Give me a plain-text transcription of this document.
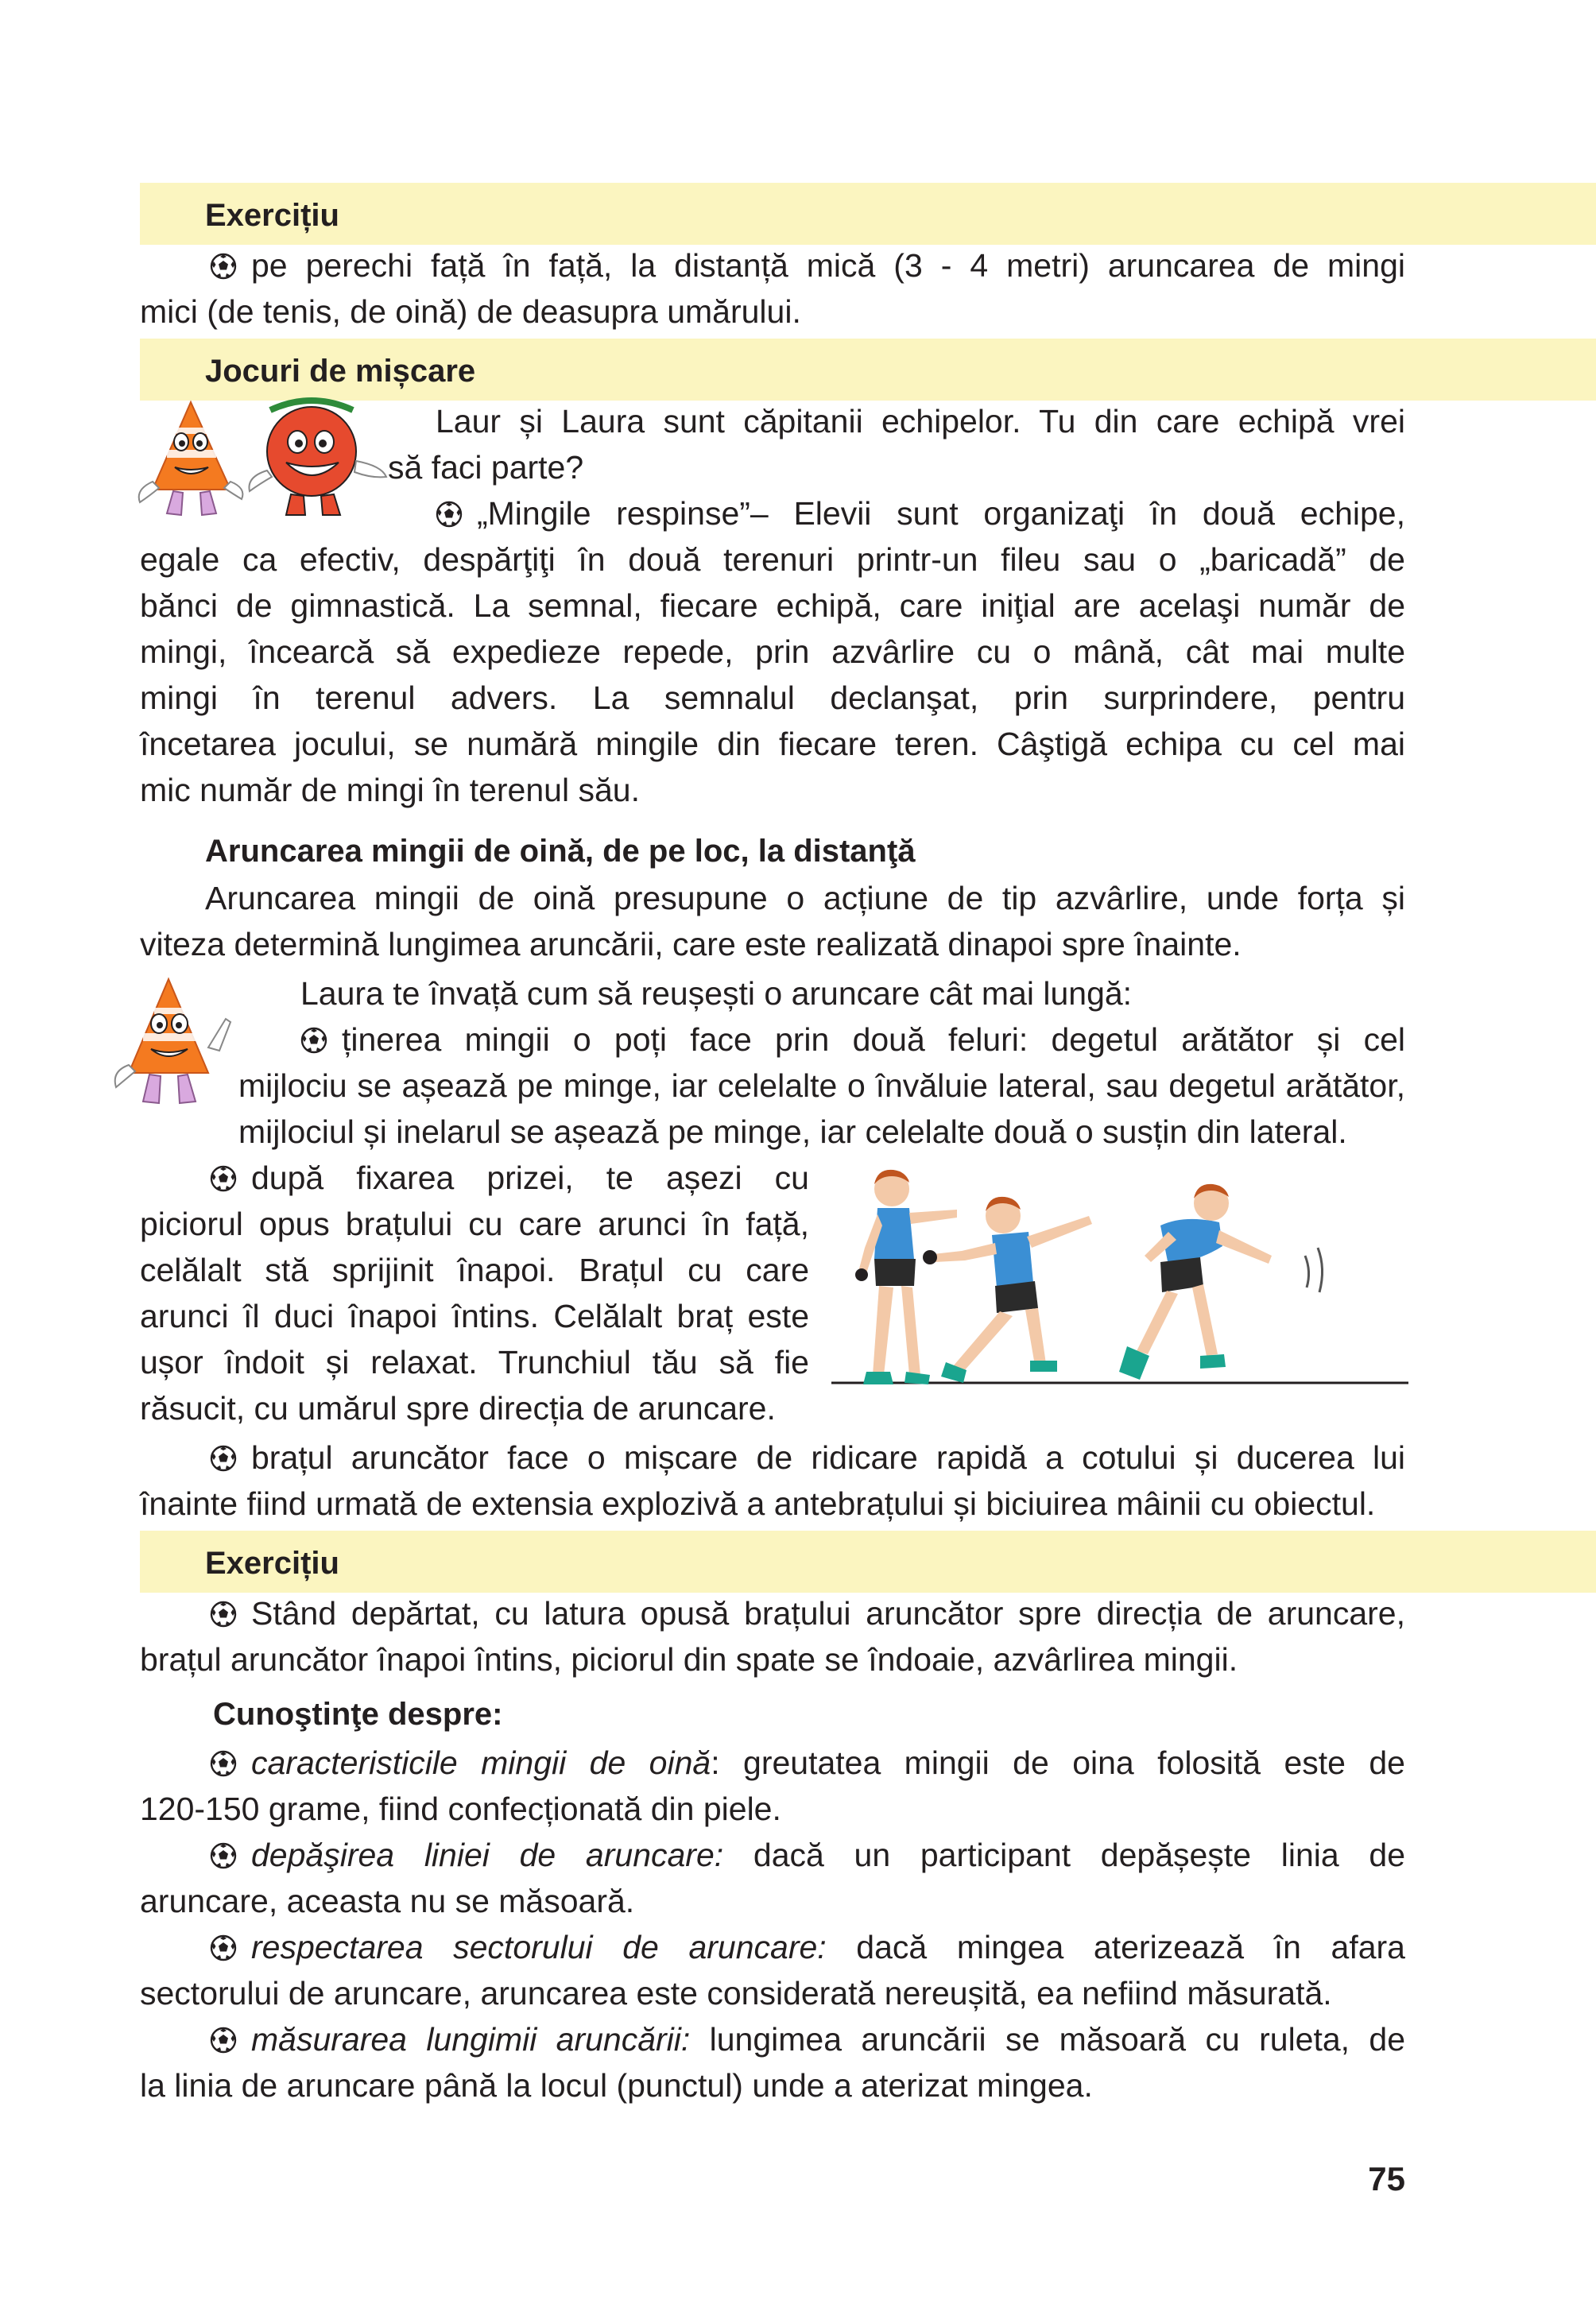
Exercițiu
pe perechi față în față, la distanță mică (3 - 4 metri) aruncarea de mingi
mici (de tenis, de oină) de deasupra umărului.
Jocuri de mișcare
Laur și Laura sunt căpitanii echipelor. Tu din care echipă vrei
să faci parte?
„Mingile respinse”– Elevii sunt organizaţi în două echipe,
egale ca efectiv, despărţiţi în două terenuri printr-un fileu sau o „baricadă” de
bănci de gimnastică. La semnal, fiecare echipă, care iniţial are acelaşi număr de
mingi, încearcă să expedieze repede, prin azvârlire cu o mână, cât mai multe
mingi în terenul advers. La semnalul declanşat, prin surprindere, pentru
încetarea jocului, se numără mingile din fiecare teren. Câştigă echipa cu cel mai
mic număr de mingi în terenul său.
Aruncarea mingii de oină, de pe loc, la distanţă
Aruncarea mingii de oină presupune o acțiune de tip azvârlire, unde forța și
viteza determină lungimea aruncării, care este realizată dinapoi spre înainte.
Laura te învață cum să reușești o aruncare cât mai lungă:
ținerea mingii o poți face prin două feluri: degetul arătător și cel
mijlociu se așează pe minge, iar celelalte o învăluie lateral, sau degetul arătător,
mijlociul și inelarul se așează pe minge, iar celelalte două o susțin din lateral.
după fixarea prizei, te așezi cu
piciorul opus brațului cu care arunci în față,
celălalt stă sprijinit înapoi. Brațul cu care
arunci îl duci înapoi întins. Celălalt braț este
ușor îndoit și relaxat. Trunchiul tău să fie
răsucit, cu umărul spre direcția de aruncare.
brațul aruncător face o mișcare de ridicare rapidă a cotului și ducerea lui
înainte fiind urmată de extensia explozivă a antebrațului și biciuirea mâinii cu obiectul.
Exercițiu
Stând depărtat, cu latura opusă brațului aruncător spre direcția de aruncare,
brațul aruncător înapoi întins, piciorul din spate se îndoaie, azvârlirea mingii.
Cunoştinţe despre:
caracteristicile mingii de oină: greutatea mingii de oina folosită este de
120-150 grame, fiind confecționată din piele.
depăşirea liniei de aruncare: dacă un participant depășește linia de
aruncare, aceasta nu se măsoară.
respectarea sectorului de aruncare: dacă mingea aterizează în afara
sectorului de aruncare, aruncarea este considerată nereușită, ea nefiind măsurată.
măsurarea lungimii aruncării: lungimea aruncării se măsoară cu ruleta, de
la linia de aruncare până la locul (punctul) unde a aterizat mingea.
75
